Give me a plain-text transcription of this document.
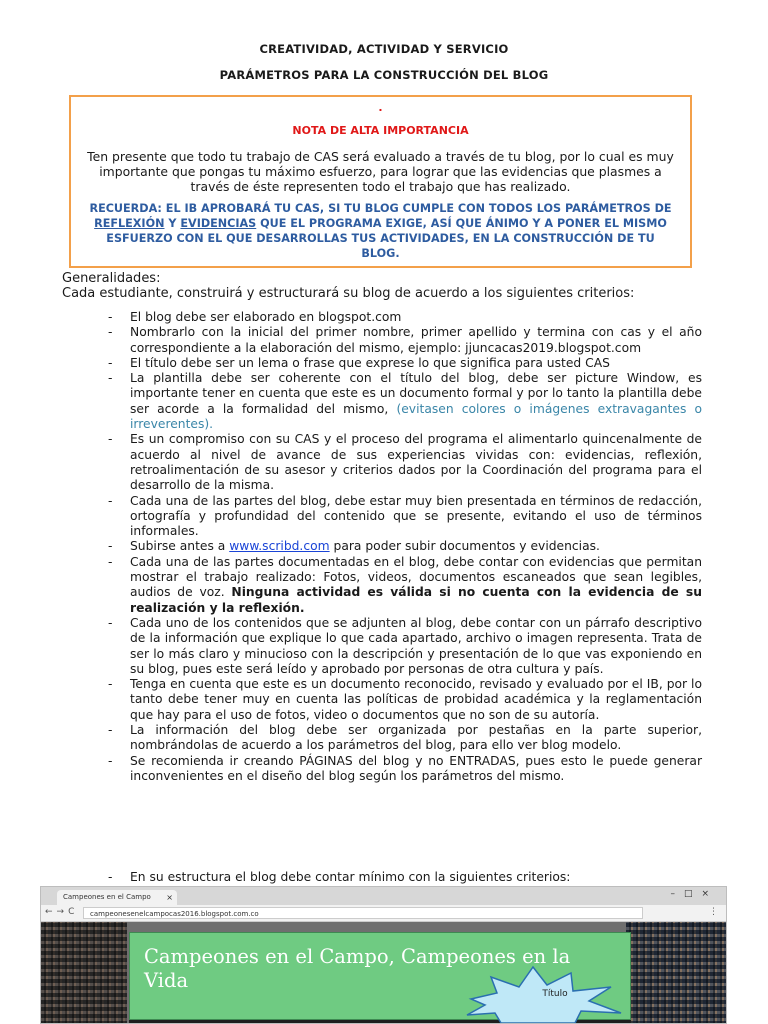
CREATIVIDAD, ACTIVIDAD Y SERVICIO
PARÁMETROS PARA LA CONSTRUCCIÓN DEL BLOG
.
NOTA DE ALTA IMPORTANCIA
Ten presente que todo tu trabajo de CAS será evaluado a través de tu blog, por lo cual es muy importante que pongas tu máximo esfuerzo, para lograr que las evidencias que plasmes a través de éste representen todo el trabajo que has realizado.
RECUERDA: EL IB APROBARÁ TU CAS, SI TU BLOG CUMPLE CON TODOS LOS PARÁMETROS DE REFLEXIÓN Y EVIDENCIAS QUE EL PROGRAMA EXIGE, ASÍ QUE ÁNIMO Y A PONER EL MISMO ESFUERZO CON EL QUE DESARROLLAS TUS ACTIVIDADES, EN LA CONSTRUCCIÓN DE TU BLOG.
Generalidades:
Cada estudiante, construirá y estructurará su blog de acuerdo a los siguientes criterios:
- El blog debe ser elaborado en blogspot.com
- Nombrarlo con la inicial del primer nombre, primer apellido y termina con cas y el año correspondiente a la elaboración del mismo, ejemplo: jjuncacas2019.blogspot.com
- El título debe ser un lema o frase que exprese lo que significa para usted CAS
- La plantilla debe ser coherente con el título del blog, debe ser picture Window, es importante tener en cuenta que este es un documento formal y por lo tanto la plantilla debe ser acorde a la formalidad del mismo, (evitasen colores o imágenes extravagantes o irreverentes).
- Es un compromiso con su CAS y el proceso del programa el alimentarlo quincenalmente de acuerdo al nivel de avance de sus experiencias vividas con: evidencias, reflexión, retroalimentación de su asesor y criterios dados por la Coordinación del programa para el desarrollo de la misma.
- Cada una de las partes del blog, debe estar muy bien presentada en términos de redacción, ortografía y profundidad del contenido que se presente, evitando el uso de términos informales.
- Subirse antes a www.scribd.com para poder subir documentos y evidencias.
- Cada una de las partes documentadas en el blog, debe contar con evidencias que permitan mostrar el trabajo realizado: Fotos, videos, documentos escaneados que sean legibles, audios de voz. Ninguna actividad es válida si no cuenta con la evidencia de su realización y la reflexión.
- Cada uno de los contenidos que se adjunten al blog, debe contar con un párrafo descriptivo de la información que explique lo que cada apartado, archivo o imagen representa. Trata de ser lo más claro y minucioso con la descripción y presentación de lo que vas exponiendo en su blog, pues este será leído y aprobado por personas de otra cultura y país.
- Tenga en cuenta que este es un documento reconocido, revisado y evaluado por el IB, por lo tanto debe tener muy en cuenta las políticas de probidad académica y la reglamentación que hay para el uso de fotos, video o documentos que no son de su autoría.
- La información del blog debe ser organizada por pestañas en la parte superior, nombrándolas de acuerdo a los parámetros del blog, para ello ver blog modelo.
- Se recomienda ir creando PÁGINAS del blog y no ENTRADAS, pues esto le puede generar inconvenientes en el diseño del blog según los parámetros del mismo.
- En su estructura el blog debe contar mínimo con la siguientes criterios:
Campeones en el Campo ×	–□×
←→C	campeonesenelcampocas2016.blogspot.com.co	⋮
Campeones en el Campo, Campeones en la Vida
Título
